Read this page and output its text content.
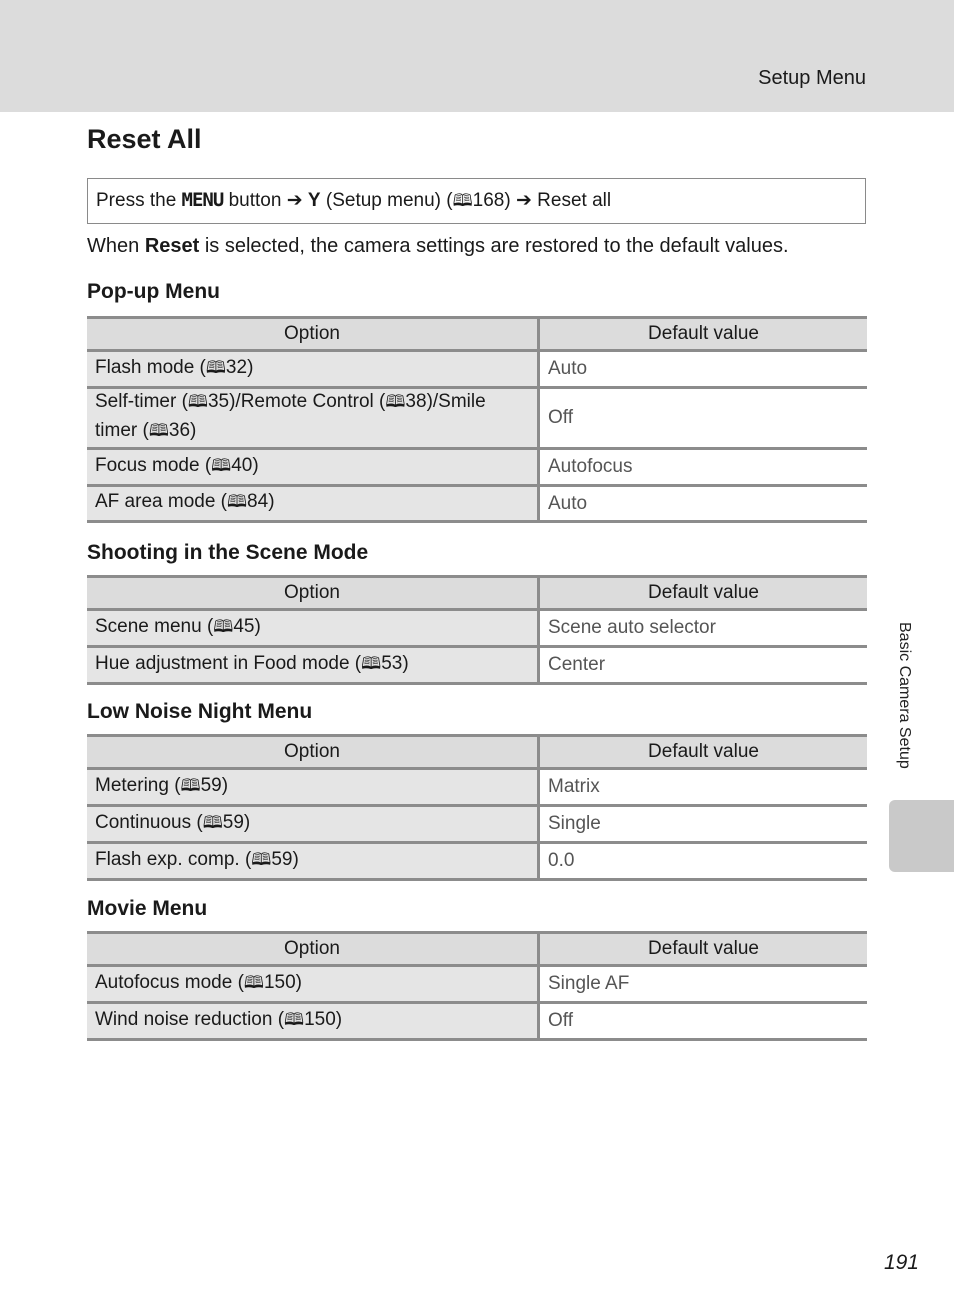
Setup Menu
Reset All
Press the MENU button ➔ Y (Setup menu) (🕮168) ➔ Reset all
When Reset is selected, the camera settings are restored to the default values.
Pop-up Menu
Option	Default value
Flash mode (🕮32)	Auto
Self-timer (🕮35)/Remote Control (🕮38)/Smile timer (🕮36)	Off
Focus mode (🕮40)	Autofocus
AF area mode (🕮84)	Auto
Shooting in the Scene Mode
Option	Default value
Scene menu (🕮45)	Scene auto selector
Hue adjustment in Food mode (🕮53)	Center
Low Noise Night Menu
Option	Default value
Metering (🕮59)	Matrix
Continuous (🕮59)	Single
Flash exp. comp. (🕮59)	0.0
Movie Menu
Option	Default value
Autofocus mode (🕮150)	Single AF
Wind noise reduction (🕮150)	Off
Basic Camera Setup
191
